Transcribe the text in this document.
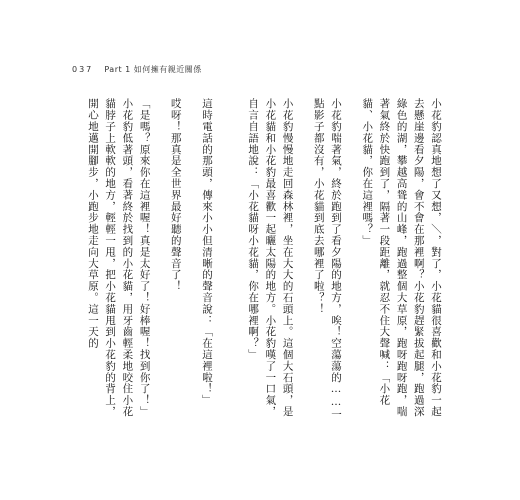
037 Part 1 如何擁有親近關係

小花豹認真地想了又想，＼，對了，小花貓很喜歡和小花豹一起去懸崖邊看夕陽，會不會在那裡啊？小花豹趕緊拔起腿，跑過深綠色的湖，攀越高聳的山峰，跑過整個大草原，跑呀跑呀跑，喘著氣終於快跑到了，隔著一段距離，就忍不住大聲喊：「小花貓、小花貓，你在這裡嗎？」

小花豹喘著氣，終於跑到了看夕陽的地方，唉！空蕩蕩的……一點影子都沒有，小花貓到底去哪裡了啦？！

小花豹慢慢地走回森林裡，坐在大大的石頭上。這個大石頭，是小花貓和小花豹最喜歡一起曬太陽的地方。小花豹嘆了一口氣，自言自語地說：「小花貓呀小花貓，你在哪裡啊？」

這時電話的那頭，傳來小小但清晰的聲音說：「在這裡啦！」

哎呀！那真是全世界最好聽的聲音了！

「是嗎？原來你在這裡喔！真是太好了！好棒喔！找到你了！」小花豹低著頭，看著終於找到的小花貓，用牙齒輕柔地咬住小花貓脖子上軟軟的地方，輕輕一甩，把小花貓甩到小花豹的背上，開心地邁開腳步，小跑步地走向大草原。這一天的
